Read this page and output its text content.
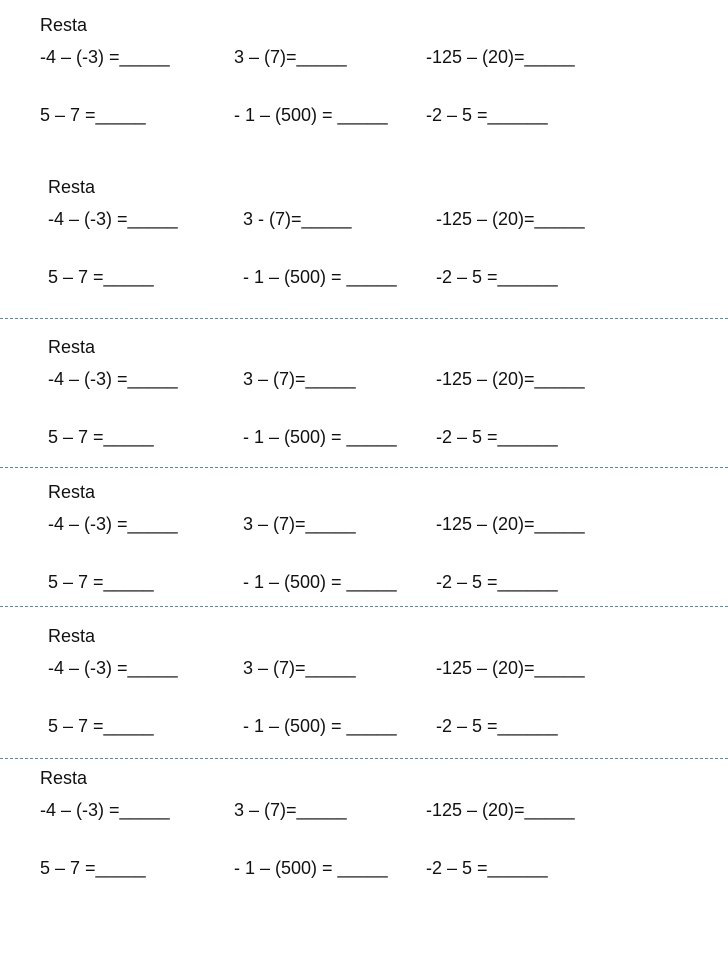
Resta
-4 – (-3) =_____	3 – (7)=_____	-125 – (20)=_____
5 – 7 =_____	- 1 – (500) = _____ -2 – 5 =______
Resta
-4 – (-3) =_____	3 - (7)=_____	-125 – (20)=_____
5 – 7 =_____	- 1 – (500) = _____ -2 – 5 =______
Resta
-4 – (-3) =_____	3 – (7)=_____	-125 – (20)=_____
5 – 7 =_____	- 1 – (500) = _____ -2 – 5 =______
Resta
-4 – (-3) =_____	3 – (7)=_____	-125 – (20)=_____
5 – 7 =_____	- 1 – (500) = _____ -2 – 5 =______
Resta
-4 – (-3) =_____	3 – (7)=_____	-125 – (20)=_____
5 – 7 =_____	- 1 – (500) = _____ -2 – 5 =______
Resta
-4 – (-3) =_____	3 – (7)=_____	-125 – (20)=_____
5 – 7 =_____	- 1 – (500) = _____ -2 – 5 =______
